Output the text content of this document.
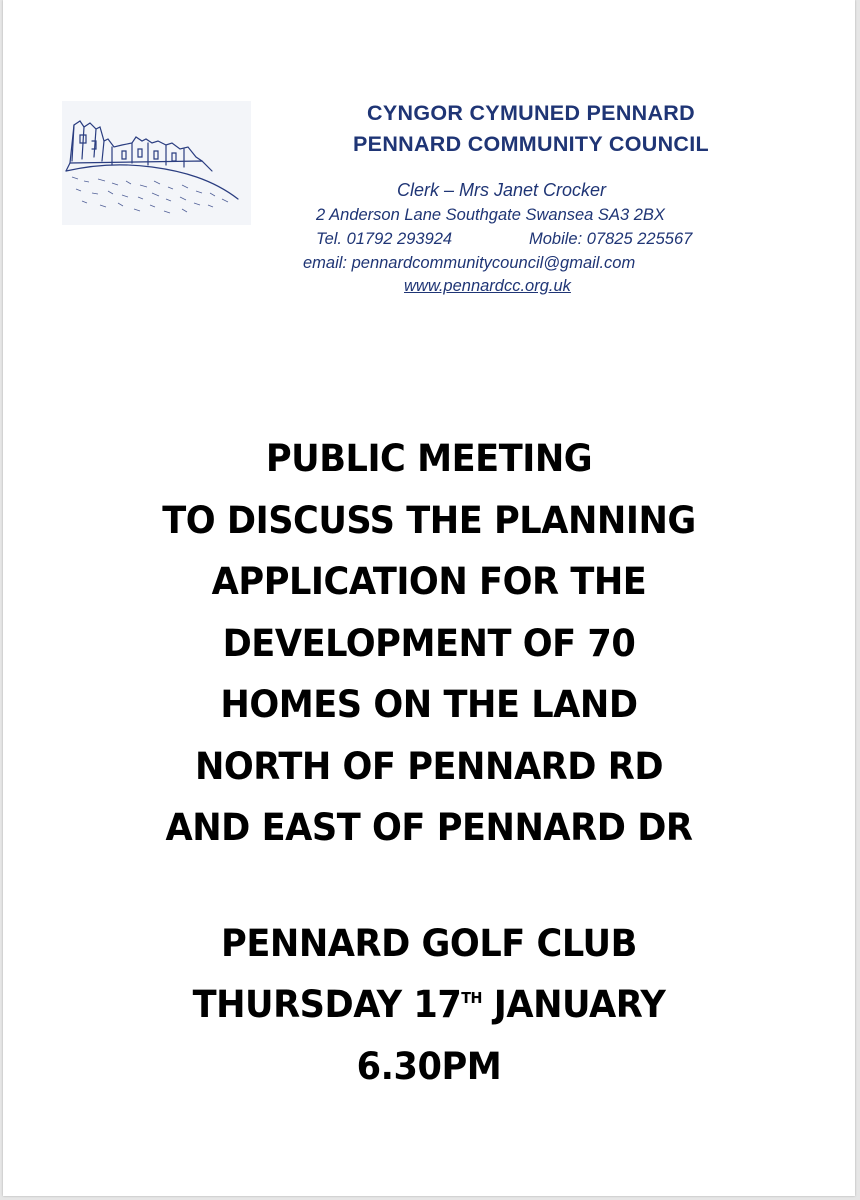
CYNGOR CYMUNED PENNARD
PENNARD COMMUNITY COUNCIL
Clerk – Mrs Janet Crocker
2 Anderson Lane Southgate Swansea SA3 2BX
Tel. 01792 293924	Mobile: 07825 225567
email: pennardcommunitycouncil@gmail.com
www.pennardcc.org.uk
PUBLIC MEETING
TO DISCUSS THE PLANNING
APPLICATION FOR THE
DEVELOPMENT OF 70
HOMES ON THE LAND
NORTH OF PENNARD RD
AND EAST OF PENNARD DR
PENNARD GOLF CLUB
THURSDAY 17TH JANUARY
6.30PM
